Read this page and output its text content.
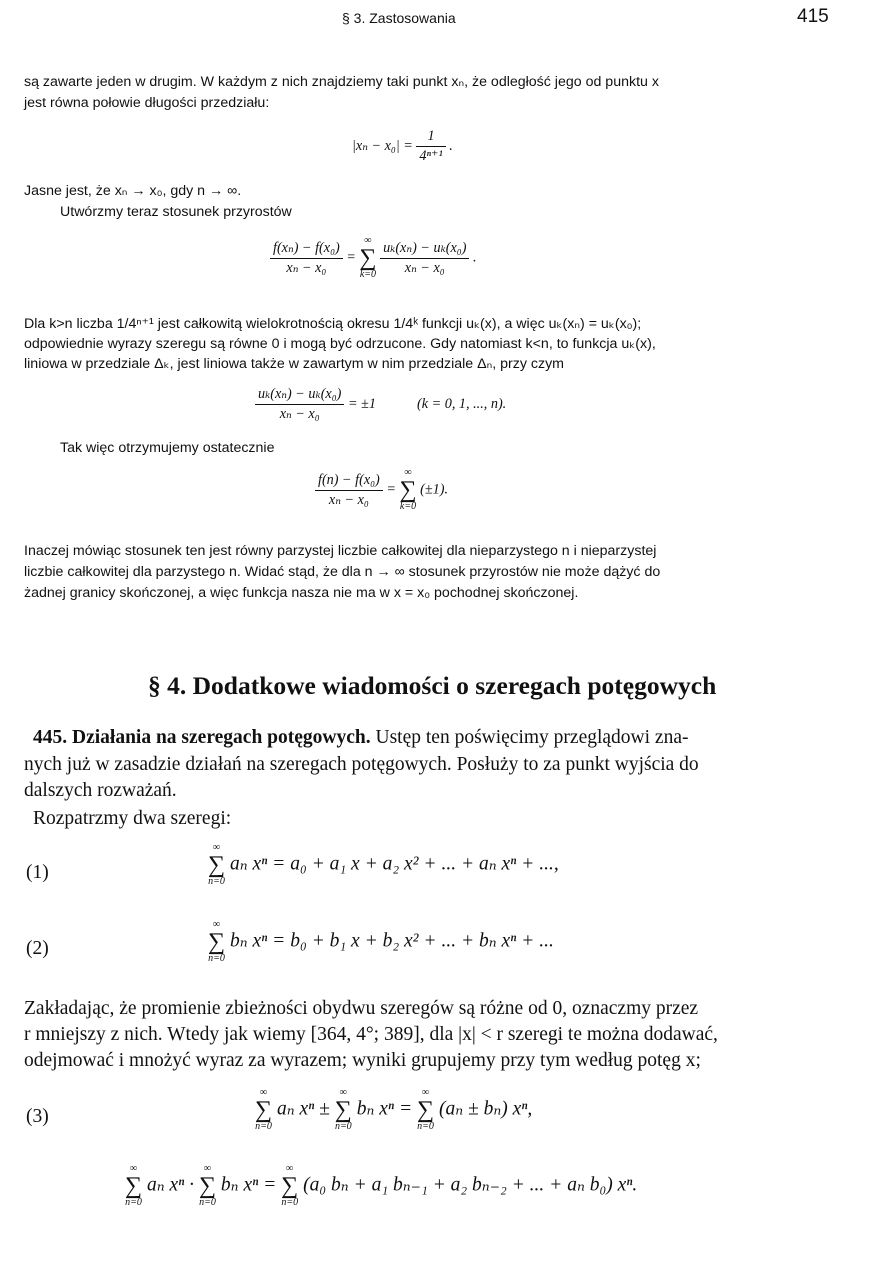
§ 3. Zastosowania	415
są zawarte jeden w drugim. W każdym z nich znajdziemy taki punkt xₙ, że odległość jego od punktu x
jest równa połowie długości przedziału:
$|x_n - x_0| = \frac{1}{\text{4ⁿ⁺¹}}$ .
Jasne jest, że xₙ → x₀, gdy n → ∞.
Utwórzmy teraz stosunek przyrostów
$\frac{\text{f(xₙ) − f(x₀)}}{\text{xₙ − x₀}}$ =
∞
∑
k=0
$\frac{\text{uₖ(xₙ) − uₖ(x₀)}}{\text{xₙ − x₀}}$ .
Dla k>n liczba 1/4ⁿ⁺¹ jest całkowitą wielokrotnością okresu 1/4ᵏ funkcji uₖ(x), a więc uₖ(xₙ) = uₖ(x₀);
odpowiednie wyrazy szeregu są równe 0 i mogą być odrzucone. Gdy natomiast k<n, to funkcja uₖ(x),
liniowa w przedziale Δₖ, jest liniowa także w zawartym w nim przedziale Δₙ, przy czym
$\frac{\text{uₖ(xₙ) − uₖ(x₀)}}{\text{xₙ − x₀}} = \pm 1$	(k = 0, 1, ..., n).
Tak więc otrzymujemy ostatecznie
$\frac{\text{f(n) − f(x₀)}}{\text{xₙ − x₀}}$ =
∞
∑
k=0
(±1).
Inaczej mówiąc stosunek ten jest równy parzystej liczbie całkowitej dla nieparzystego n i nieparzystej
liczbie całkowitej dla parzystego n. Widać stąd, że dla n → ∞ stosunek przyrostów nie może dążyć do
żadnej granicy skończonej, a więc funkcja nasza nie ma w x = x₀ pochodnej skończonej.
§ 4. Dodatkowe wiadomości o szeregach potęgowych
445. Działania na szeregach potęgowych. Ustęp ten poświęcimy przeglądowi zna-
nych już w zasadzie działań na szeregach potęgowych. Posłuży to za punkt wyjścia do
dalszych rozważań.
Rozpatrzmy dwa szeregi:
(1)
∞
∑
n=0
aₙ xⁿ = a₀ + a₁ x + a₂ x² + ... + aₙ xⁿ + ...,
(2)
∞
∑
n=0
bₙ xⁿ = b₀ + b₁ x + b₂ x² + ... + bₙ xⁿ + ...
Zakładając, że promienie zbieżności obydwu szeregów są różne od 0, oznaczmy przez
r mniejszy z nich. Wtedy jak wiemy [364, 4°; 389], dla |x| < r szeregi te można dodawać,
odejmować i mnożyć wyraz za wyrazem; wyniki grupujemy przy tym według potęg x;
(3)
∞
∑
n=0
aₙ xⁿ ±
∞
∑
n=0
bₙ xⁿ =
∞
∑
n=0
(aₙ ± bₙ) xⁿ,
∞
∑
n=0
aₙ xⁿ ·
∞
∑
n=0
bₙ xⁿ =
∞
∑
n=0
(a₀ bₙ + a₁ bₙ₋₁ + a₂ bₙ₋₂ + ... + aₙ b₀) xⁿ.
